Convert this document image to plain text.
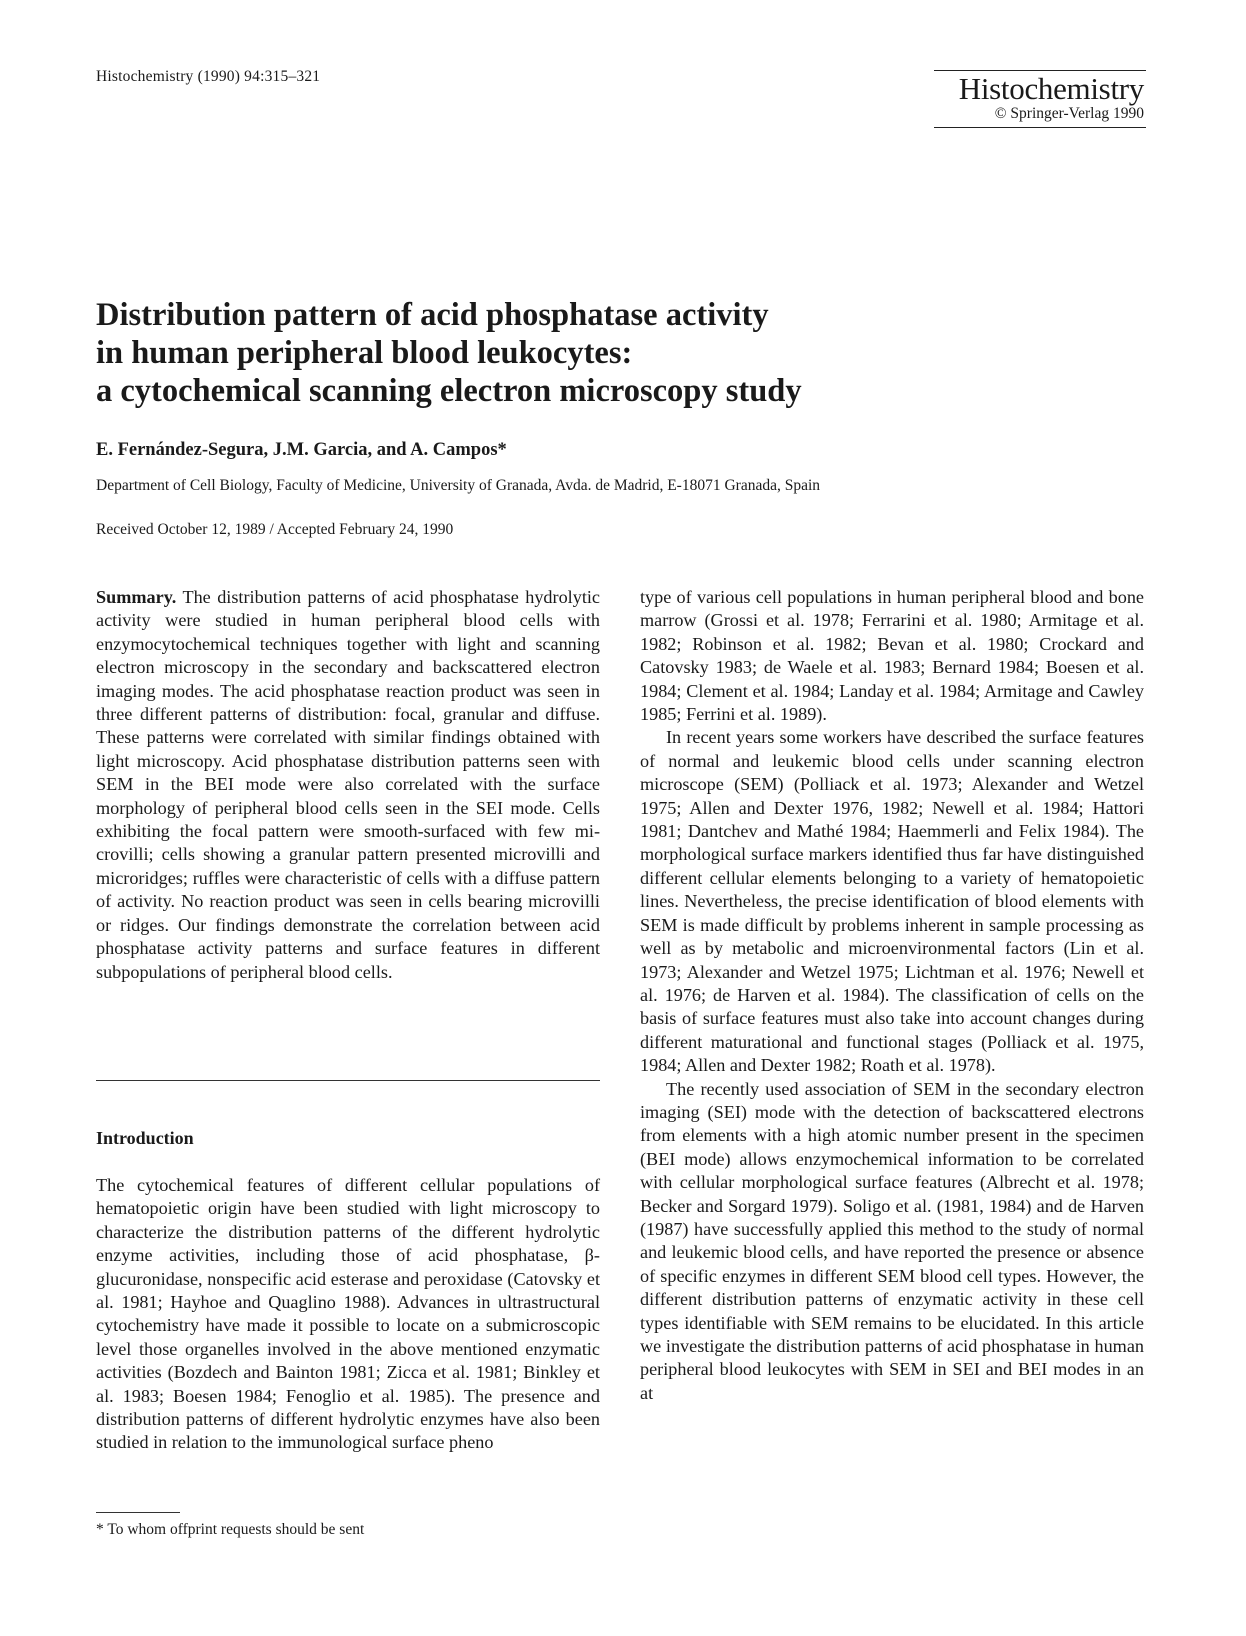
Histochemistry (1990) 94:315–321	Histochemistry
© Springer-Verlag 1990
Distribution pattern of acid phosphatase activity
in human peripheral blood leukocytes:
a cytochemical scanning electron microscopy study
E. Fernández-Segura, J.M. Garcia, and A. Campos*
Department of Cell Biology, Faculty of Medicine, University of Granada, Avda. de Madrid, E-18071 Granada, Spain
Received October 12, 1989 / Accepted February 24, 1990

Summary. The distribution patterns of acid phosphatase hydrolytic activity were studied in human peripheral blood cells with enzymocytochemical techniques together with light and scanning electron microscopy in the secondary and backscattered electron imaging modes. The acid phosphatase reaction product was seen in three different patterns of distribution: focal, granular and diffuse. These patterns were correlated with similar findings obtained with light microscopy. Acid phosphatase distribution patterns seen with SEM in the BEI mode were also correlated with the surface morphology of peripheral blood cells seen in the SEI mode. Cells exhibiting the focal pattern were smooth-surfaced with few microvilli; cells showing a granular pattern presented microvilli and microridges; ruffles were characteristic of cells with a diffuse pattern of activity. No reaction product was seen in cells bearing microvilli or ridges. Our findings demonstrate the correlation between acid phosphatase activity patterns and surface features in different subpopulations of peripheral blood cells.

Introduction

The cytochemical features of different cellular populations of hematopoietic origin have been studied with light microscopy to characterize the distribution patterns of the different hydrolytic enzyme activities, including those of acid phosphatase, β-glucuronidase, nonspecific acid esterase and peroxidase (Catovsky et al. 1981; Hayhoe and Quaglino 1988). Advances in ultrastructural cytochemistry have made it possible to locate on a submicroscopic level those organelles involved in the above mentioned enzymatic activities (Bozdech and Bainton 1981; Zicca et al. 1981; Binkley et al. 1983; Boesen 1984; Fenoglio et al. 1985). The presence and distribution patterns of different hydrolytic enzymes have also been studied in relation to the immunological surface pheno

type of various cell populations in human peripheral blood and bone marrow (Grossi et al. 1978; Ferrarini et al. 1980; Armitage et al. 1982; Robinson et al. 1982; Bevan et al. 1980; Crockard and Catovsky 1983; de Waele et al. 1983; Bernard 1984; Boesen et al. 1984; Clement et al. 1984; Landay et al. 1984; Armitage and Cawley 1985; Ferrini et al. 1989).

In recent years some workers have described the surface features of normal and leukemic blood cells under scanning electron microscope (SEM) (Polliack et al. 1973; Alexander and Wetzel 1975; Allen and Dexter 1976, 1982; Newell et al. 1984; Hattori 1981; Dantchev and Mathé 1984; Haemmerli and Felix 1984). The morphological surface markers identified thus far have distinguished different cellular elements belonging to a variety of hematopoietic lines. Nevertheless, the precise identification of blood elements with SEM is made difficult by problems inherent in sample processing as well as by metabolic and microenvironmental factors (Lin et al. 1973; Alexander and Wetzel 1975; Lichtman et al. 1976; Newell et al. 1976; de Harven et al. 1984). The classification of cells on the basis of surface features must also take into account changes during different maturational and functional stages (Polliack et al. 1975, 1984; Allen and Dexter 1982; Roath et al. 1978).

The recently used association of SEM in the secondary electron imaging (SEI) mode with the detection of backscattered electrons from elements with a high atomic number present in the specimen (BEI mode) allows enzymochemical information to be correlated with cellular morphological surface features (Albrecht et al. 1978; Becker and Sorgard 1979). Soligo et al. (1981, 1984) and de Harven (1987) have successfully applied this method to the study of normal and leukemic blood cells, and have reported the presence or absence of specific enzymes in different SEM blood cell types. However, the different distribution patterns of enzymatic activity in these cell types identifiable with SEM remains to be elucidated. In this article we investigate the distribution patterns of acid phosphatase in human peripheral blood leukocytes with SEM in SEI and BEI modes in an at

* To whom offprint requests should be sent
